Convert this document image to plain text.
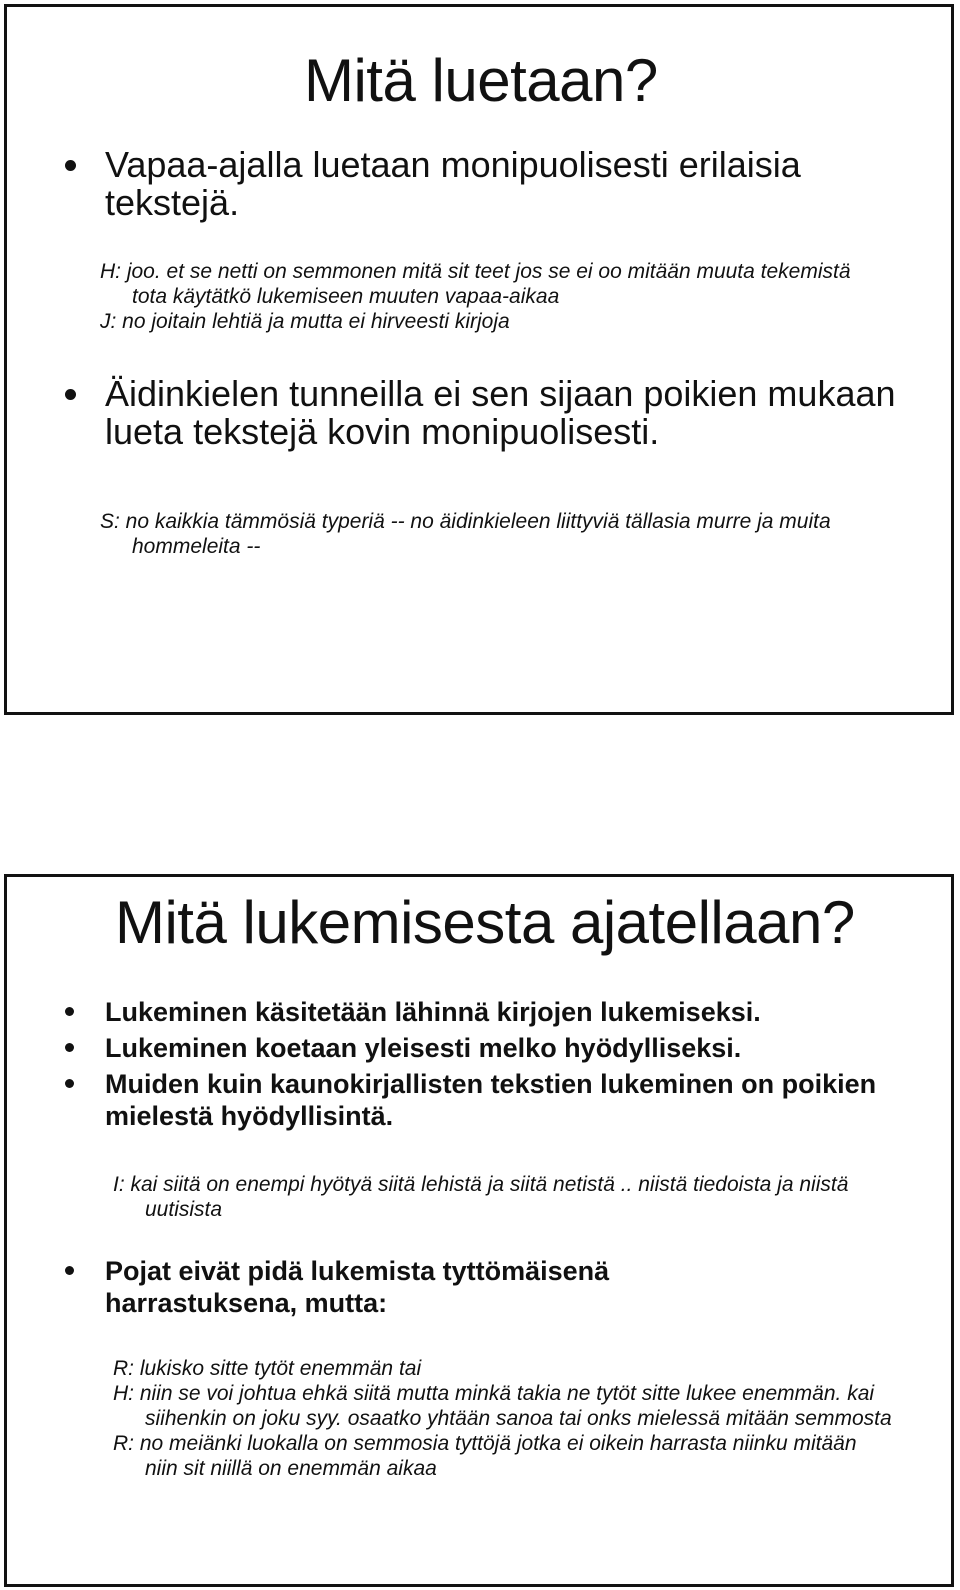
Mitä luetaan?
Vapaa-ajalla luetaan monipuolisesti erilaisia tekstejä.
H: joo. et se netti on semmonen mitä sit teet jos se ei oo mitään muuta tekemistä tota käytätkö lukemiseen muuten vapaa-aikaa
J: no joitain lehtiä ja mutta ei hirveesti kirjoja
Äidinkielen tunneilla ei sen sijaan poikien mukaan lueta tekstejä kovin monipuolisesti.
S: no kaikkia tämmösiä typeriä -- no äidinkieleen liittyviä tällasia murre ja muita hommeleita --
Mitä lukemisesta ajatellaan?
Lukeminen käsitetään lähinnä kirjojen lukemiseksi.
Lukeminen koetaan yleisesti melko hyödylliseksi.
Muiden kuin kaunokirjallisten tekstien lukeminen on poikien mielestä hyödyllisintä.
I: kai siitä on enempi hyötyä siitä lehistä ja siitä netistä .. niistä tiedoista ja niistä uutisista
Pojat eivät pidä lukemista tyttömäisenä harrastuksena, mutta:
R: lukisko sitte tytöt enemmän tai
H: niin se voi johtua ehkä siitä mutta minkä takia ne tytöt sitte lukee enemmän. kai siihenkin on joku syy. osaatko yhtään sanoa tai onks mielessä mitään semmosta
R: no meiänki luokalla on semmosia tyttöjä jotka ei oikein harrasta niinku mitään niin sit niillä on enemmän aikaa
